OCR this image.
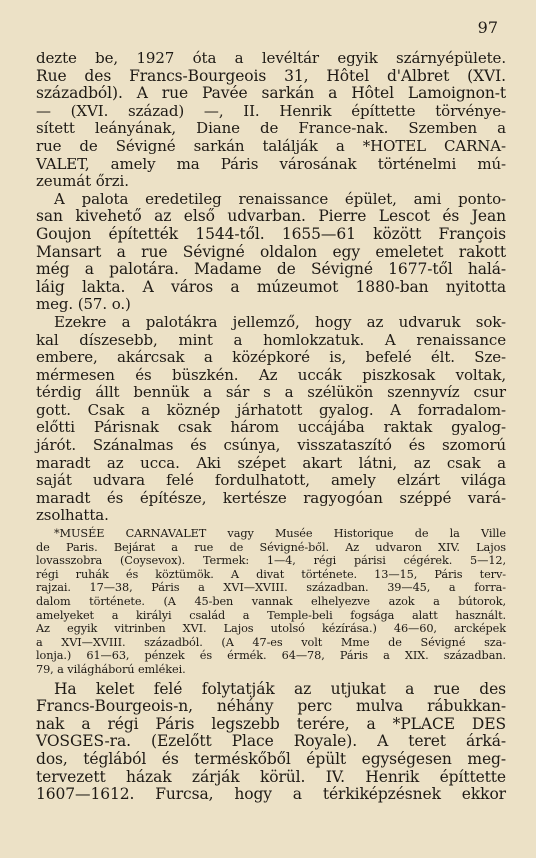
97
dezte be, 1927 óta a levéltár egyik szárnyépülete.
Rue des Francs-Bourgeois 31, Hôtel d'Albret (XVI.
századból). A rue Pavée sarkán a Hôtel Lamoignon-t
— (XVI. század) —, II. Henrik építtette törvénye-
sített leányának, Diane de France-nak. Szemben a
rue de Sévigné sarkán találják a *HOTEL CARNA-
VALET, amely ma Páris városának történelmi mú-
zeumát őrzi.
A palota eredetileg renaissance épület, ami ponto-
san kivehető az első udvarban. Pierre Lescot és Jean
Goujon építették 1544-től. 1655—61 között François
Mansart a rue Sévigné oldalon egy emeletet rakott
még a palotára. Madame de Sévigné 1677-től halá-
láig lakta. A város a múzeumot 1880-ban nyitotta
meg. (57. o.)
Ezekre a palotákra jellemző, hogy az udvaruk sok-
kal díszesebb, mint a homlokzatuk. A renaissance
embere, akárcsak a középkoré is, befelé élt. Sze-
mérmesen és büszkén. Az uccák piszkosak voltak,
térdig állt bennük a sár s a szélükön szennyvíz csur
gott. Csak a köznép járhatott gyalog. A forradalom-
előtti Párisnak csak három uccájába raktak gyalog-
járót. Szánalmas és csúnya, visszataszító és szomorú
maradt az ucca. Aki szépet akart látni, az csak a
saját udvara felé fordulhatott, amely elzárt világa
maradt és építésze, kertésze ragyogóan széppé vará-
zsolhatta.
*MUSÉE CARNAVALET vagy Musée Historique de la Ville
de Paris. Bejárat a rue de Sévigné-ből. Az udvaron XIV. Lajos
lovasszobra (Coysevox). Termek: 1—4, régi párisi cégérek. 5—12,
régi ruhák és köztümök. A divat története. 13—15, Páris terv-
rajzai. 17—38, Páris a XVI—XVIII. században. 39—45, a forra-
dalom története. (A 45-ben vannak elhelyezve azok a bútorok,
amelyeket a királyi család a Temple-beli fogsága alatt használt.
Az egyik vitrinben XVI. Lajos utolsó kézírása.) 46—60, arcképek
a XVI—XVIII. századból. (A 47-es volt Mme de Sévigné sza-
lonja.) 61—63, pénzek és érmék. 64—78, Páris a XIX. században.
79, a világháború emlékei.
Ha kelet felé folytatják az utjukat a rue des
Francs-Bourgeois-n, néhány perc mulva rábukkan-
nak a régi Páris legszebb terére, a *PLACE DES
VOSGES-ra. (Ezelőtt Place Royale). A teret árká-
dos, téglából és terméskőből épült egységesen meg-
tervezett házak zárják körül. IV. Henrik építtette
1607—1612. Furcsa, hogy a térkiképzésnek ekkor
